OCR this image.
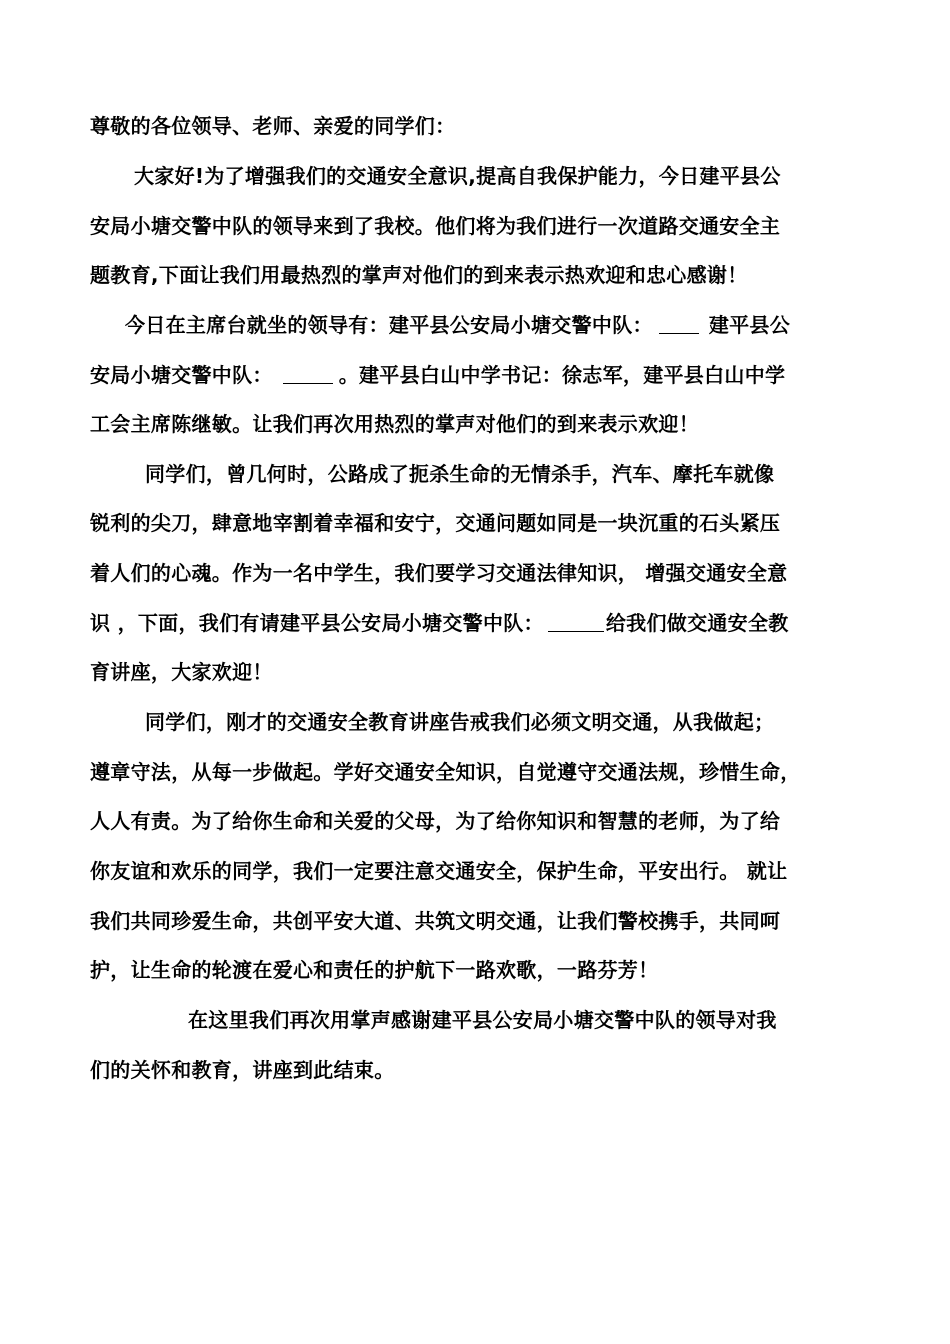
尊敬的各位领导、老师、亲爱的同学们：

大家好!为了增强我们的交通安全意识,提高自我保护能力，今日建平县公

安局小塘交警中队的领导来到了我校。他们将为我们进行一次道路交通安全主

题教育,下面让我们用最热烈的掌声对他们的到来表示热欢迎和忠心感谢！

今日在主席台就坐的领导有：建平县公安局小塘交警中队：	建平县公

安局小塘交警中队：	。建平县白山中学书记：徐志军，建平县白山中学

工会主席陈继敏。让我们再次用热烈的掌声对他们的到来表示欢迎！

同学们，曾几何时，公路成了扼杀生命的无情杀手，汽车、摩托车就像

锐利的尖刀，肆意地宰割着幸福和安宁，交通问题如同是一块沉重的石头紧压

着人们的心魂。作为一名中学生，我们要学习交通法律知识， 增强交通安全意

识 ，下面，我们有请建平县公安局小塘交警中队：	给我们做交通安全教

育讲座，大家欢迎！

同学们，刚才的交通安全教育讲座告戒我们必须文明交通，从我做起；

遵章守法，从每一步做起。学好交通安全知识，自觉遵守交通法规，珍惜生命，

人人有责。为了给你生命和关爱的父母，为了给你知识和智慧的老师，为了给

你友谊和欢乐的同学，我们一定要注意交通安全，保护生命，平安出行。 就让

我们共同珍爱生命，共创平安大道、共筑文明交通，让我们警校携手，共同呵

护，让生命的轮渡在爱心和责任的护航下一路欢歌，一路芬芳！

在这里我们再次用掌声感谢建平县公安局小塘交警中队的领导对我

们的关怀和教育，讲座到此结束。
